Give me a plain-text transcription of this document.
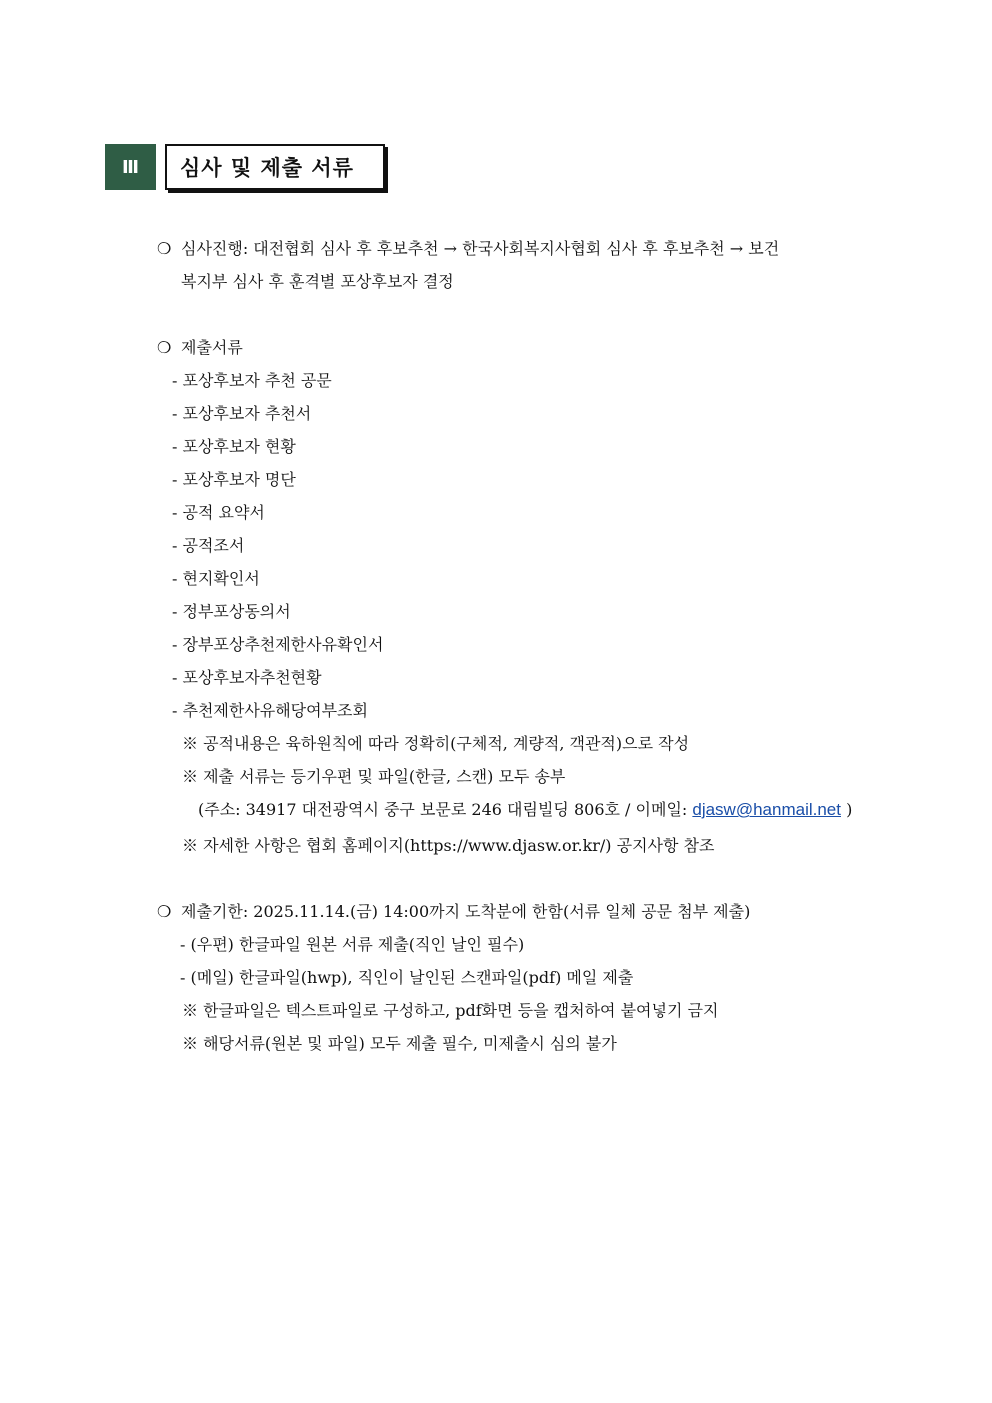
Ⅲ	심사 및 제출 서류
❍ 심사진행: 대전협회 심사 후 후보추천 → 한국사회복지사협회 심사 후 후보추천 → 보건
복지부 심사 후 훈격별 포상후보자 결정
❍ 제출서류
- 포상후보자 추천 공문
- 포상후보자 추천서
- 포상후보자 현황
- 포상후보자 명단
- 공적 요약서
- 공적조서
- 현지확인서
- 정부포상동의서
- 장부포상추천제한사유확인서
- 포상후보자추천현황
- 추천제한사유해당여부조회
※ 공적내용은 육하원칙에 따라 정확히(구체적, 계량적, 객관적)으로 작성
※ 제출 서류는 등기우편 및 파일(한글, 스캔) 모두 송부
(주소: 34917 대전광역시 중구 보문로 246 대림빌딩 806호 / 이메일: djasw@hanmail.net )
※ 자세한 사항은 협회 홈페이지(https://www.djasw.or.kr/) 공지사항 참조
❍ 제출기한: 2025.11.14.(금) 14:00까지 도착분에 한함(서류 일체 공문 첨부 제출)
- (우편) 한글파일 원본 서류 제출(직인 날인 필수)
- (메일) 한글파일(hwp), 직인이 날인된 스캔파일(pdf) 메일 제출
※ 한글파일은 텍스트파일로 구성하고, pdf화면 등을 캡처하여 붙여넣기 금지
※ 해당서류(원본 및 파일) 모두 제출 필수, 미제출시 심의 불가
